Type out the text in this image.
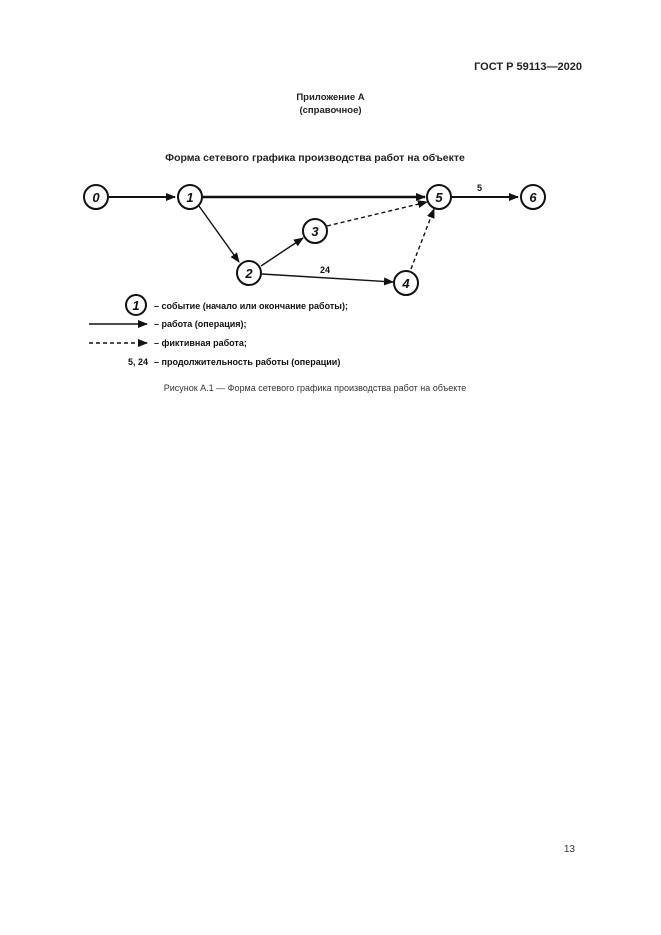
ГОСТ Р 59113—2020
Приложение А
(справочное)
Форма сетевого графика производства работ на объекте
24
5
0	1
2
3
4
5	6
1 – событие (начало или окончание работы);
– работа (операция);
– фиктивная работа;
5, 24 – продолжительность работы (операции)
Рисунок А.1 — Форма сетевого графика производства работ на объекте
13
